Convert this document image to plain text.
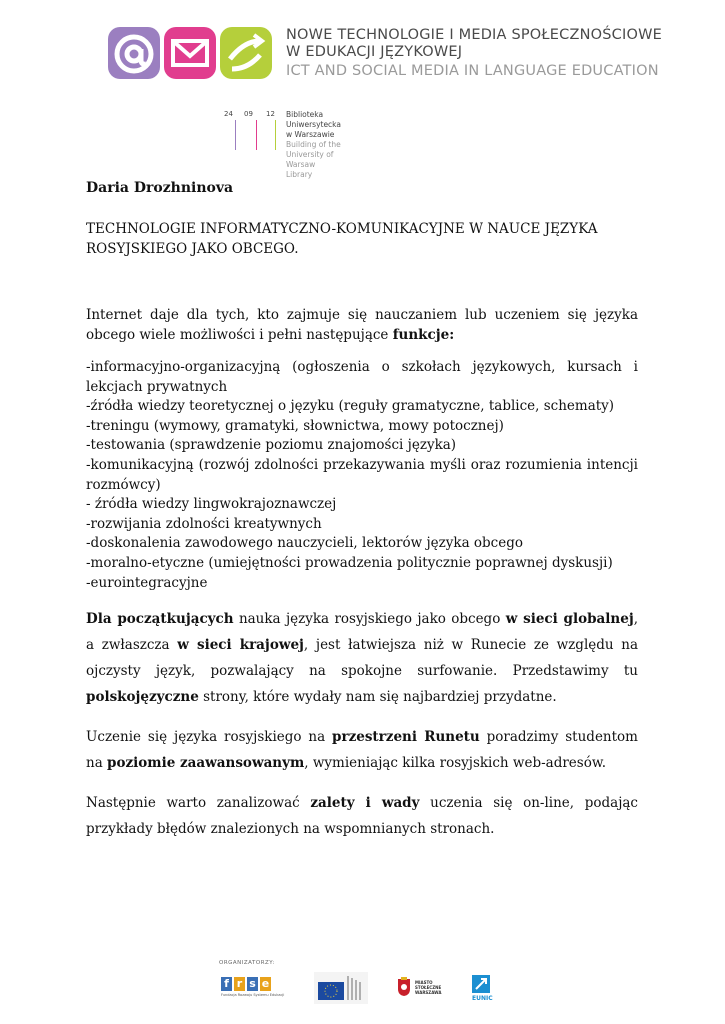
NOWE TECHNOLOGIE I MEDIA SPOŁECZNOŚCIOWE
W EDUKACJI JĘZYKOWEJ
ICT AND SOCIAL MEDIA IN LANGUAGE EDUCATION
24 09 12 Biblioteka Uniwersytecka w Warszawie
Building of the University of Warsaw Library
Daria Drozhninova
TECHNOLOGIE INFORMATYCZNO-KOMUNIKACYJNE W NAUCE JĘZYKA ROSYJSKIEGO JAKO OBCEGO.

Internet daje dla tych, kto zajmuje się nauczaniem lub uczeniem się języka obcego wiele możliwości i pełni następujące funkcje:

-informacyjno-organizacyjną (ogłoszenia o szkołach językowych, kursach i lekcjach prywatnych
-źródła wiedzy teoretycznej o języku (reguły gramatyczne, tablice, schematy)
-treningu (wymowy, gramatyki, słownictwa, mowy potocznej)
-testowania (sprawdzenie poziomu znajomości języka)
-komunikacyjną (rozwój zdolności przekazywania myśli oraz rozumienia intencji rozmówcy)
- źródła wiedzy lingwokrajoznawczej
-rozwijania zdolności kreatywnych
-doskonalenia zawodowego nauczycieli, lektorów języka obcego
-moralno-etyczne (umiejętności prowadzenia politycznie poprawnej dyskusji)
-eurointegracyjne

Dla początkujących nauka języka rosyjskiego jako obcego w sieci globalnej, a zwłaszcza w sieci krajowej, jest łatwiejsza niż w Runecie ze względu na ojczysty język, pozwalający na spokojne surfowanie. Przedstawimy tu polskojęzyczne strony, które wydały nam się najbardziej przydatne.

Uczenie się języka rosyjskiego na przestrzeni Runetu poradzimy studentom na poziomie zaawansowanym, wymieniając kilka rosyjskich web-adresów.

Następnie warto zanalizować zalety i wady uczenia się on-line, podając przykłady błędów znalezionych na wspomnianych stronach.

ORGANIZATORZY:
f r s e
Fundacja Rozwoju Systemu Edukacji
MIASTO STOŁECZNE WARSZAWA
EUNIC
